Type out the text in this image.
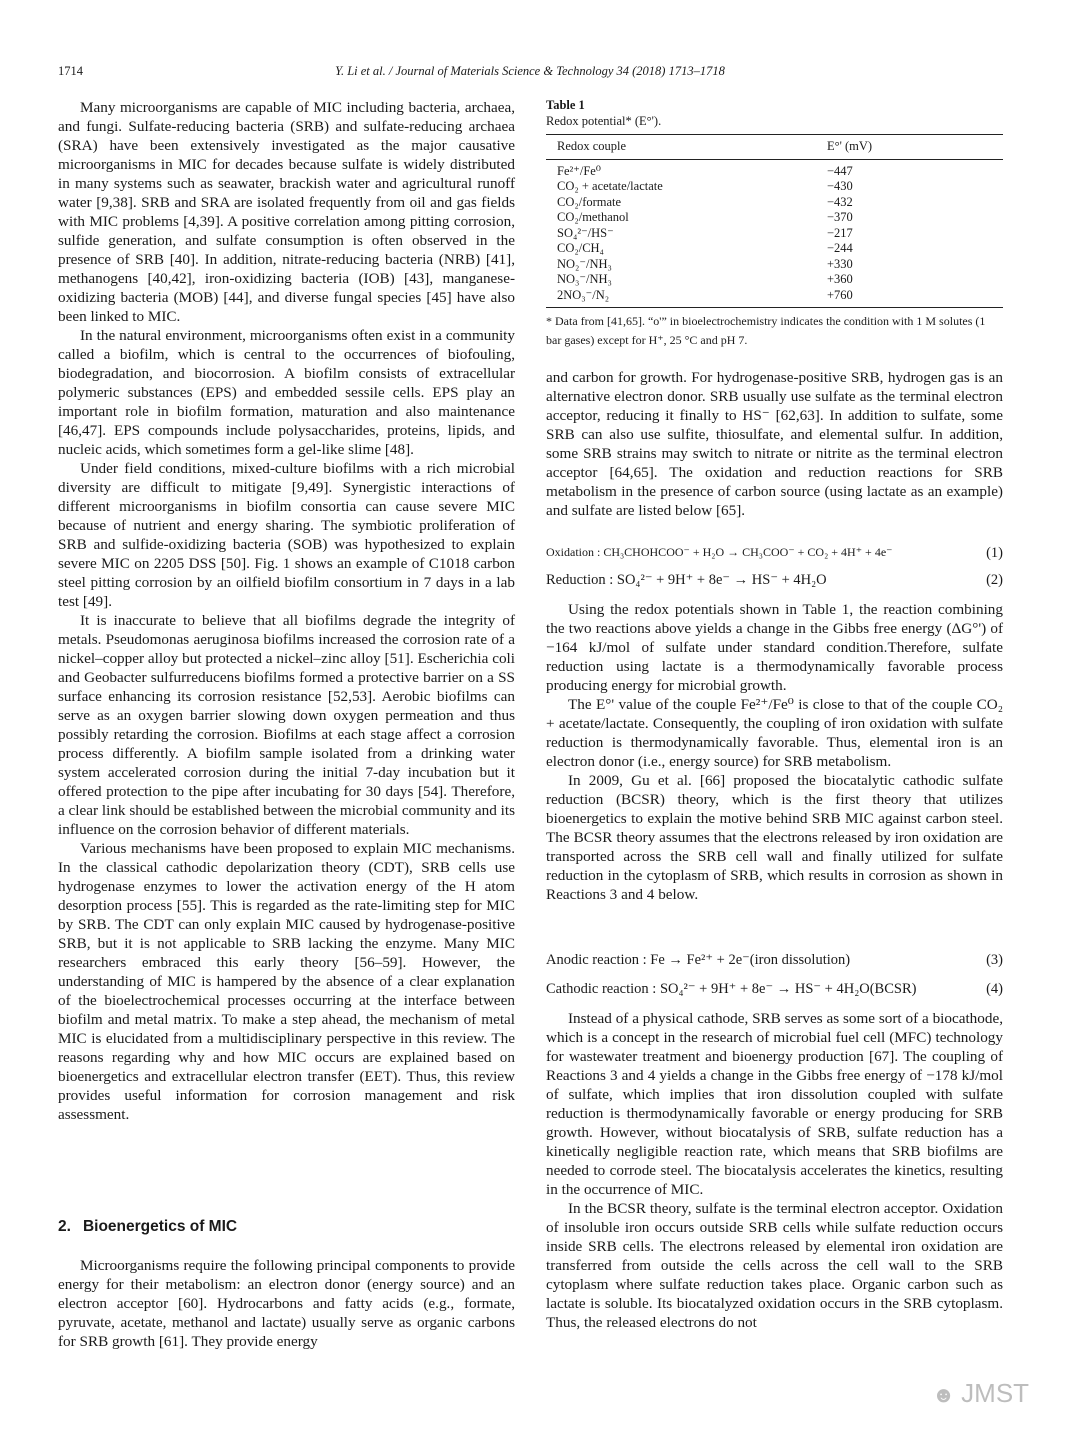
1714	Y. Li et al. / Journal of Materials Science & Technology 34 (2018) 1713–1718

Many microorganisms are capable of MIC including bacteria, archaea, and fungi. Sulfate-reducing bacteria (SRB) and sulfate-reducing archaea (SRA) have been extensively investigated as the major causative microorganisms in MIC for decades because sulfate is widely distributed in many systems such as seawater, brackish water and agricultural runoff water [9,38]. SRB and SRA are isolated frequently from oil and gas fields with MIC problems [4,39]. A positive correlation among pitting corrosion, sulfide generation, and sulfate consumption is often observed in the presence of SRB [40]. In addition, nitrate-reducing bacteria (NRB) [41], methanogens [40,42], iron-oxidizing bacteria (IOB) [43], manganese-oxidizing bacteria (MOB) [44], and diverse fungal species [45] have also been linked to MIC.

In the natural environment, microorganisms often exist in a community called a biofilm, which is central to the occurrences of biofouling, biodegradation, and biocorrosion. A biofilm consists of extracellular polymeric substances (EPS) and embedded sessile cells. EPS play an important role in biofilm formation, maturation and also maintenance [46,47]. EPS compounds include polysaccharides, proteins, lipids, and nucleic acids, which sometimes form a gel-like slime [48].

Under field conditions, mixed-culture biofilms with a rich microbial diversity are difficult to mitigate [9,49]. Synergistic interactions of different microorganisms in biofilm consortia can cause severe MIC because of nutrient and energy sharing. The symbiotic proliferation of SRB and sulfide-oxidizing bacteria (SOB) was hypothesized to explain severe MIC on 2205 DSS [50]. Fig. 1 shows an example of C1018 carbon steel pitting corrosion by an oilfield biofilm consortium in 7 days in a lab test [49].

It is inaccurate to believe that all biofilms degrade the integrity of metals. Pseudomonas aeruginosa biofilms increased the corrosion rate of a nickel–copper alloy but protected a nickel–zinc alloy [51]. Escherichia coli and Geobacter sulfurreducens biofilms formed a protective barrier on a SS surface enhancing its corrosion resistance [52,53]. Aerobic biofilms can serve as an oxygen barrier slowing down oxygen permeation and thus possibly retarding the corrosion. Biofilms at each stage affect a corrosion process differently. A biofilm sample isolated from a drinking water system accelerated corrosion during the initial 7-day incubation but it offered protection to the pipe after incubating for 30 days [54]. Therefore, a clear link should be established between the microbial community and its influence on the corrosion behavior of different materials.

Various mechanisms have been proposed to explain MIC mechanisms. In the classical cathodic depolarization theory (CDT), SRB cells use hydrogenase enzymes to lower the activation energy of the H atom desorption process [55]. This is regarded as the rate-limiting step for MIC by SRB. The CDT can only explain MIC caused by hydrogenase-positive SRB, but it is not applicable to SRB lacking the enzyme. Many MIC researchers embraced this early theory [56–59]. However, the understanding of MIC is hampered by the absence of a clear explanation of the bioelectrochemical processes occurring at the interface between biofilm and metal matrix. To make a step ahead, the mechanism of metal MIC is elucidated from a multidisciplinary perspective in this review. The reasons regarding why and how MIC occurs are explained based on bioenergetics and extracellular electron transfer (EET). Thus, this review provides useful information for corrosion management and risk assessment.

2. Bioenergetics of MIC

Microorganisms require the following principal components to provide energy for their metabolism: an electron donor (energy source) and an electron acceptor [60]. Hydrocarbons and fatty acids (e.g., formate, pyruvate, acetate, methanol and lactate) usually serve as organic carbons for SRB growth [61]. They provide energy

Table 1
Redox potential* (E°').
Redox couple	E°' (mV)

Fe²⁺/Fe⁰	−447
CO₂ + acetate/lactate	−430
CO₂/formate	−432
CO₂/methanol	−370
SO₄²⁻/HS⁻	−217
CO₂/CH₄	−244
NO₂⁻/NH₃	+330
NO₃⁻/NH₃	+360
2NO₃⁻/N₂	+760

* Data from [41,65]. “o'” in bioelectrochemistry indicates the condition with 1 M solutes (1 bar gases) except for H⁺, 25 °C and pH 7.

and carbon for growth. For hydrogenase-positive SRB, hydrogen gas is an alternative electron donor. SRB usually use sulfate as the terminal electron acceptor, reducing it finally to HS⁻ [62,63]. In addition to sulfate, some SRB can also use sulfite, thiosulfate, and elemental sulfur. In addition, some SRB strains may switch to nitrate or nitrite as the terminal electron acceptor [64,65]. The oxidation and reduction reactions for SRB metabolism in the presence of carbon source (using lactate as an example) and sulfate are listed below [65].

Oxidation : CH₃CHOHCOO⁻ + H₂O → CH₃COO⁻ + CO₂ + 4H⁺ + 4e⁻	(1)
Reduction : SO₄²⁻ + 9H⁺ + 8e⁻ → HS⁻ + 4H₂O	(2)

Using the redox potentials shown in Table 1, the reaction combining the two reactions above yields a change in the Gibbs free energy (ΔG°') of −164 kJ/mol of sulfate under standard condition.Therefore, sulfate reduction using lactate is a thermodynamically favorable process producing energy for microbial growth.

The E°' value of the couple Fe²⁺/Fe⁰ is close to that of the couple CO₂ + acetate/lactate. Consequently, the coupling of iron oxidation with sulfate reduction is thermodynamically favorable. Thus, elemental iron is an electron donor (i.e., energy source) for SRB metabolism.

In 2009, Gu et al. [66] proposed the biocatalytic cathodic sulfate reduction (BCSR) theory, which is the first theory that utilizes bioenergetics to explain the motive behind SRB MIC against carbon steel. The BCSR theory assumes that the electrons released by iron oxidation are transported across the SRB cell wall and finally utilized for sulfate reduction in the cytoplasm of SRB, which results in corrosion as shown in Reactions 3 and 4 below.

Anodic reaction : Fe → Fe²⁺ + 2e⁻(iron dissolution)	(3)
Cathodic reaction : SO₄²⁻ + 9H⁺ + 8e⁻ → HS⁻ + 4H₂O(BCSR)	(4)

Instead of a physical cathode, SRB serves as some sort of a biocathode, which is a concept in the research of microbial fuel cell (MFC) technology for wastewater treatment and bioenergy production [67]. The coupling of Reactions 3 and 4 yields a change in the Gibbs free energy of −178 kJ/mol of sulfate, which implies that iron dissolution coupled with sulfate reduction is thermodynamically favorable or energy producing for SRB growth. However, without biocatalysis of SRB, sulfate reduction has a kinetically negligible reaction rate, which means that SRB biofilms are needed to corrode steel. The biocatalysis accelerates the kinetics, resulting in the occurrence of MIC.

In the BCSR theory, sulfate is the terminal electron acceptor. Oxidation of insoluble iron occurs outside SRB cells while sulfate reduction occurs inside SRB cells. The electrons released by elemental iron oxidation are transferred from outside the cells across the cell wall to the SRB cytoplasm where sulfate reduction takes place. Organic carbon such as lactate is soluble. Its biocatalyzed oxidation occurs in the SRB cytoplasm. Thus, the released electrons do not

☻ JMST
